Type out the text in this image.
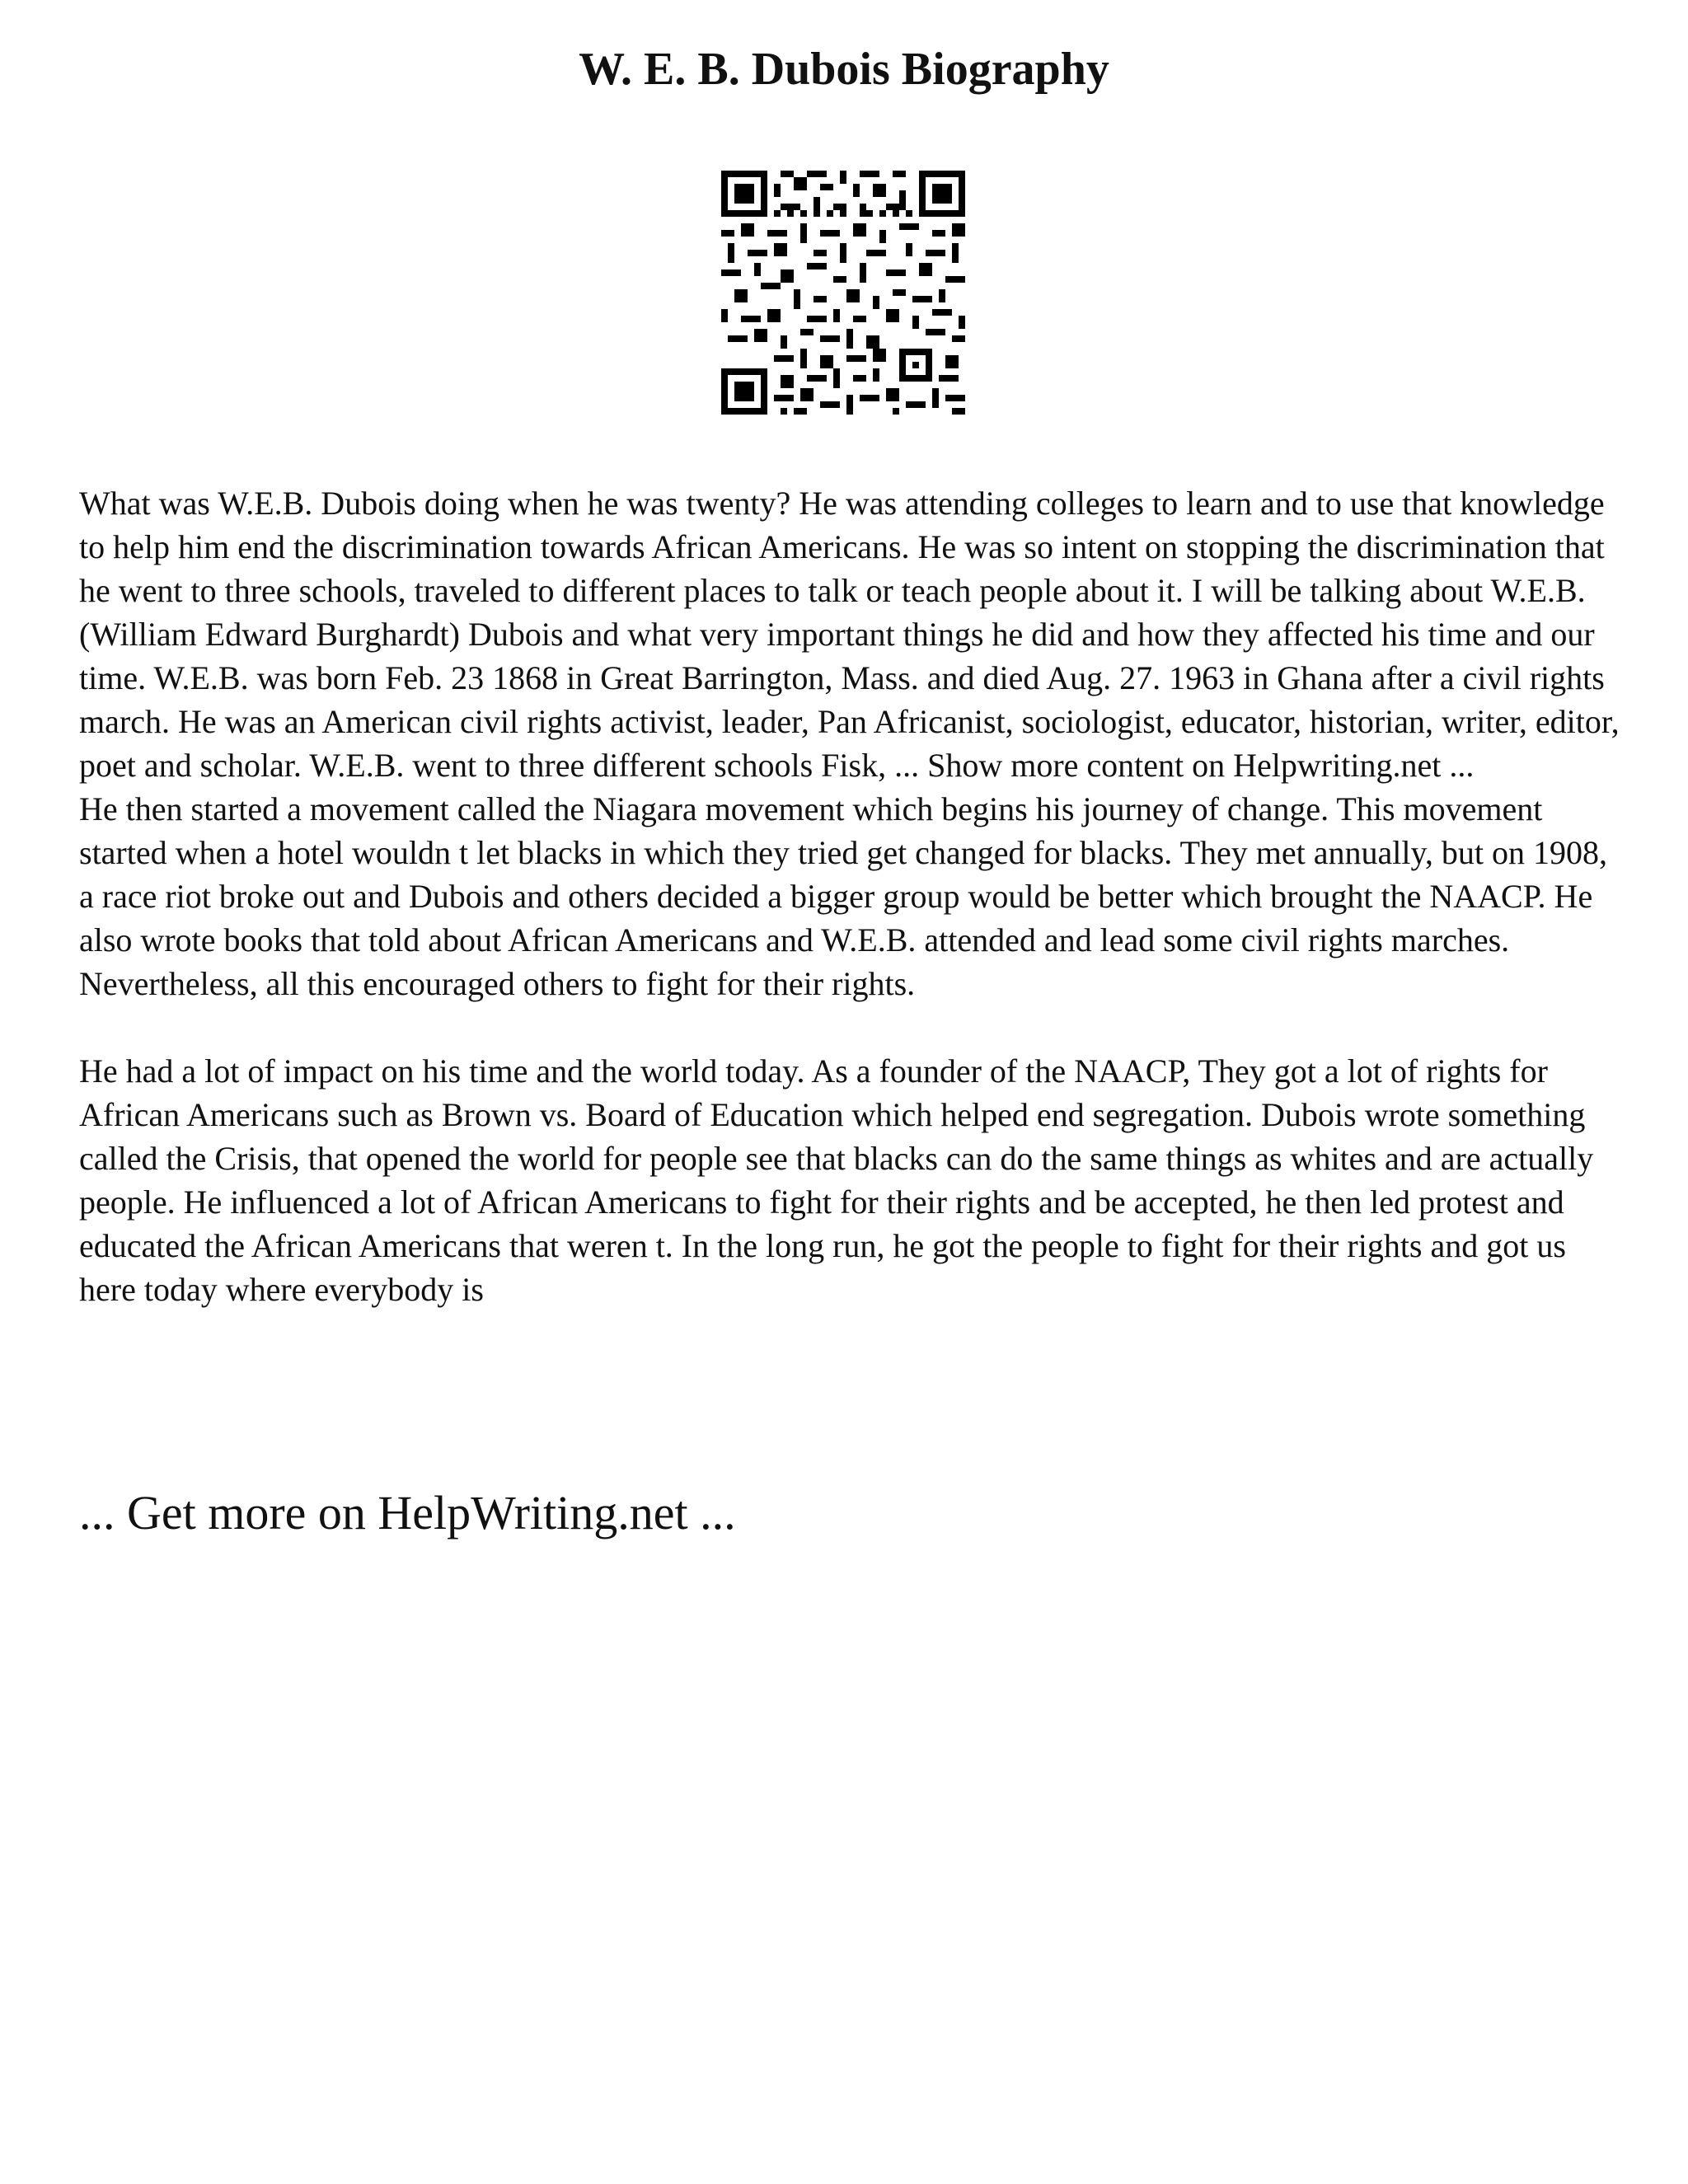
W. E. B. Dubois Biography

What was W.E.B. Dubois doing when he was twenty? He was attending colleges to learn and to use that knowledge to help him end the discrimination towards African Americans. He was so intent on stopping the discrimination that he went to three schools, traveled to different places to talk or teach people about it. I will be talking about W.E.B. (William Edward Burghardt) Dubois and what very important things he did and how they affected his time and our time. W.E.B. was born Feb. 23 1868 in Great Barrington, Mass. and died Aug. 27. 1963 in Ghana after a civil rights march. He was an American civil rights activist, leader, Pan Africanist, sociologist, educator, historian, writer, editor, poet and scholar. W.E.B. went to three different schools Fisk, ... Show more content on Helpwriting.net ...

He then started a movement called the Niagara movement which begins his journey of change. This movement started when a hotel wouldn t let blacks in which they tried get changed for blacks. They met annually, but on 1908, a race riot broke out and Dubois and others decided a bigger group would be better which brought the NAACP. He also wrote books that told about African Americans and W.E.B. attended and lead some civil rights marches. Nevertheless, all this encouraged others to fight for their rights.

He had a lot of impact on his time and the world today. As a founder of the NAACP, They got a lot of rights for African Americans such as Brown vs. Board of Education which helped end segregation. Dubois wrote something called the Crisis, that opened the world for people see that blacks can do the same things as whites and are actually people. He influenced a lot of African Americans to fight for their rights and be accepted, he then led protest and educated the African Americans that weren t. In the long run, he got the people to fight for their rights and got us here today where everybody is

... Get more on HelpWriting.net ...
